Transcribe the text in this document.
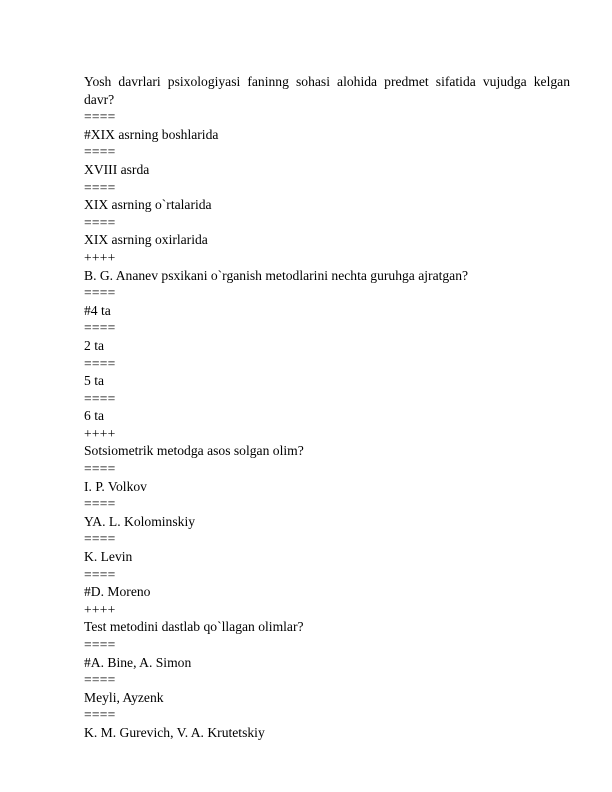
Yosh davrlari psixologiyasi faninng sohasi alohida predmet sifatida vujudga kelgan davr?
====
#XIX asrning boshlarida
====
XVIII asrda
====
XIX asrning o`rtalarida
====
XIX asrning oxirlarida
++++
B. G. Ananev psxikani o`rganish metodlarini nechta guruhga ajratgan?
====
#4 ta
====
2 ta
====
5 ta
====
6 ta
++++
Sotsiometrik metodga asos solgan olim?
====
I. P. Volkov
====
YA. L. Kolominskiy
====
K. Levin
====
#D. Moreno
++++
Test metodini dastlab qo`llagan olimlar?
====
#A. Bine, A. Simon
====
Meyli, Ayzenk
====
K. M. Gurevich, V. A. Krutetskiy
